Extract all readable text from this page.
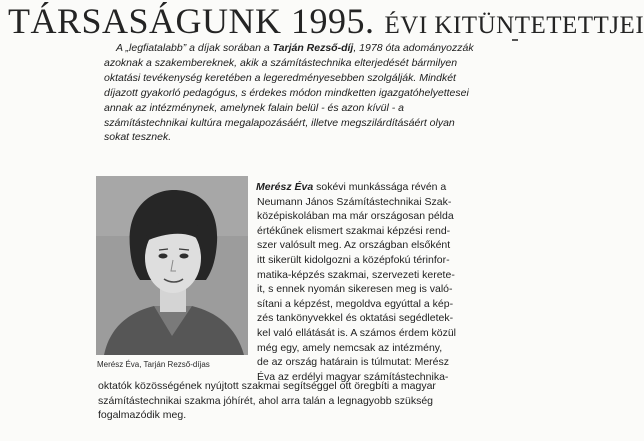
TÁRSASÁGUNK 1995. ÉVI KITÜNTETETTJEI

A „legfiatalabb” a díjak sorában a Tarján Rezső-díj, 1978 óta adományozzák azoknak a szakembereknek, akik a számítástechnika elterjedését bármilyen oktatási tevékenység keretében a legeredményesebben szolgálják. Mindkét díjazott gyakorló pedagógus, s érdekes módon mindketten igazgatóhelyettesei annak az intézménynek, amelynek falain belül - és azon kívül - a számítástechnikai kultúra megalapozásáért, illetve megszilárdításáért olyan sokat tesznek.

Merész Éva, Tarján Rezső-díjas

Merész Éva sokévi munkássága révén a

Neumann János Számítástechnikai Szak-

középiskolában ma már országosan példa

értékűnek elismert szakmai képzési rend-

szer valósult meg. Az országban elsőként

itt sikerült kidolgozni a középfokú térinfor-

matika-képzés szakmai, szervezeti kerete-

it, s ennek nyomán sikeresen meg is való-

sítani a képzést, megoldva egyúttal a kép-

zés tankönyvekkel és oktatási segédletek-

kel való ellátását is. A számos érdem közül

még egy, amely nemcsak az intézmény,

de az ország határain is túlmutat: Merész

Éva az erdélyi magyar számítástechnika-

oktatók közösségének nyújtott szakmai segítséggel ott öregbíti a magyar

számítástechnikai szakma jóhírét, ahol arra talán a legnagyobb szükség

fogalmazódik meg.
